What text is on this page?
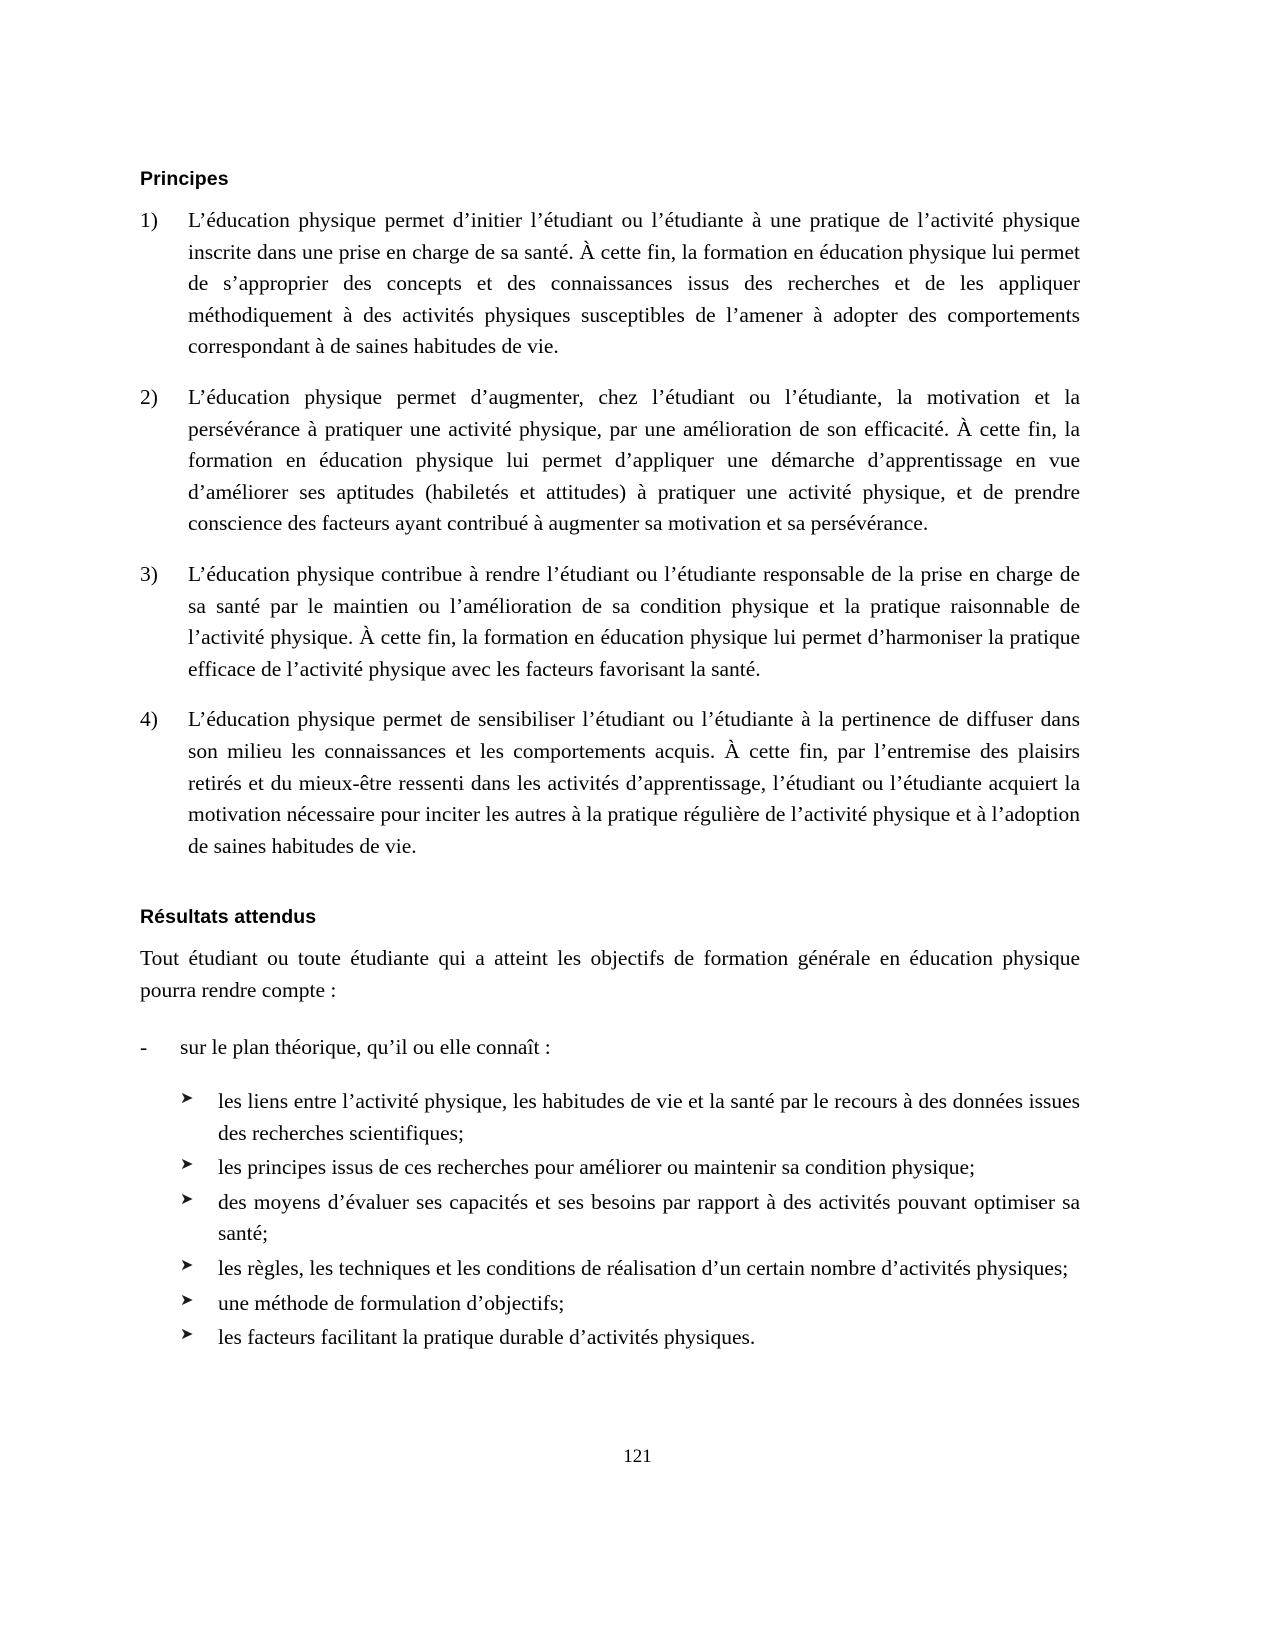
Principes
1)	L’éducation physique permet d’initier l’étudiant ou l’étudiante à une pratique de l’activité physique inscrite dans une prise en charge de sa santé. À cette fin, la formation en éducation physique lui permet de s’approprier des concepts et des connaissances issus des recherches et de les appliquer méthodiquement à des activités physiques susceptibles de l’amener à adopter des comportements correspondant à de saines habitudes de vie.
2)	L’éducation physique permet d’augmenter, chez l’étudiant ou l’étudiante, la motivation et la persévérance à pratiquer une activité physique, par une amélioration de son efficacité. À cette fin, la formation en éducation physique lui permet d’appliquer une démarche d’apprentissage en vue d’améliorer ses aptitudes (habiletés et attitudes) à pratiquer une activité physique, et de prendre conscience des facteurs ayant contribué à augmenter sa motivation et sa persévérance.
3)	L’éducation physique contribue à rendre l’étudiant ou l’étudiante responsable de la prise en charge de sa santé par le maintien ou l’amélioration de sa condition physique et la pratique raisonnable de l’activité physique. À cette fin, la formation en éducation physique lui permet d’harmoniser la pratique efficace de l’activité physique avec les facteurs favorisant la santé.
4)	L’éducation physique permet de sensibiliser l’étudiant ou l’étudiante à la pertinence de diffuser dans son milieu les connaissances et les comportements acquis. À cette fin, par l’entremise des plaisirs retirés et du mieux-être ressenti dans les activités d’apprentissage, l’étudiant ou l’étudiante acquiert la motivation nécessaire pour inciter les autres à la pratique régulière de l’activité physique et à l’adoption de saines habitudes de vie.
Résultats attendus

Tout étudiant ou toute étudiante qui a atteint les objectifs de formation générale en éducation physique pourra rendre compte :

- sur le plan théorique, qu’il ou elle connaît :
➤ les liens entre l’activité physique, les habitudes de vie et la santé par le recours à des données issues des recherches scientifiques;
➤ les principes issus de ces recherches pour améliorer ou maintenir sa condition physique;
➤ des moyens d’évaluer ses capacités et ses besoins par rapport à des activités pouvant optimiser sa santé;
➤ les règles, les techniques et les conditions de réalisation d’un certain nombre d’activités physiques;
➤ une méthode de formulation d’objectifs;
➤ les facteurs facilitant la pratique durable d’activités physiques.
121
